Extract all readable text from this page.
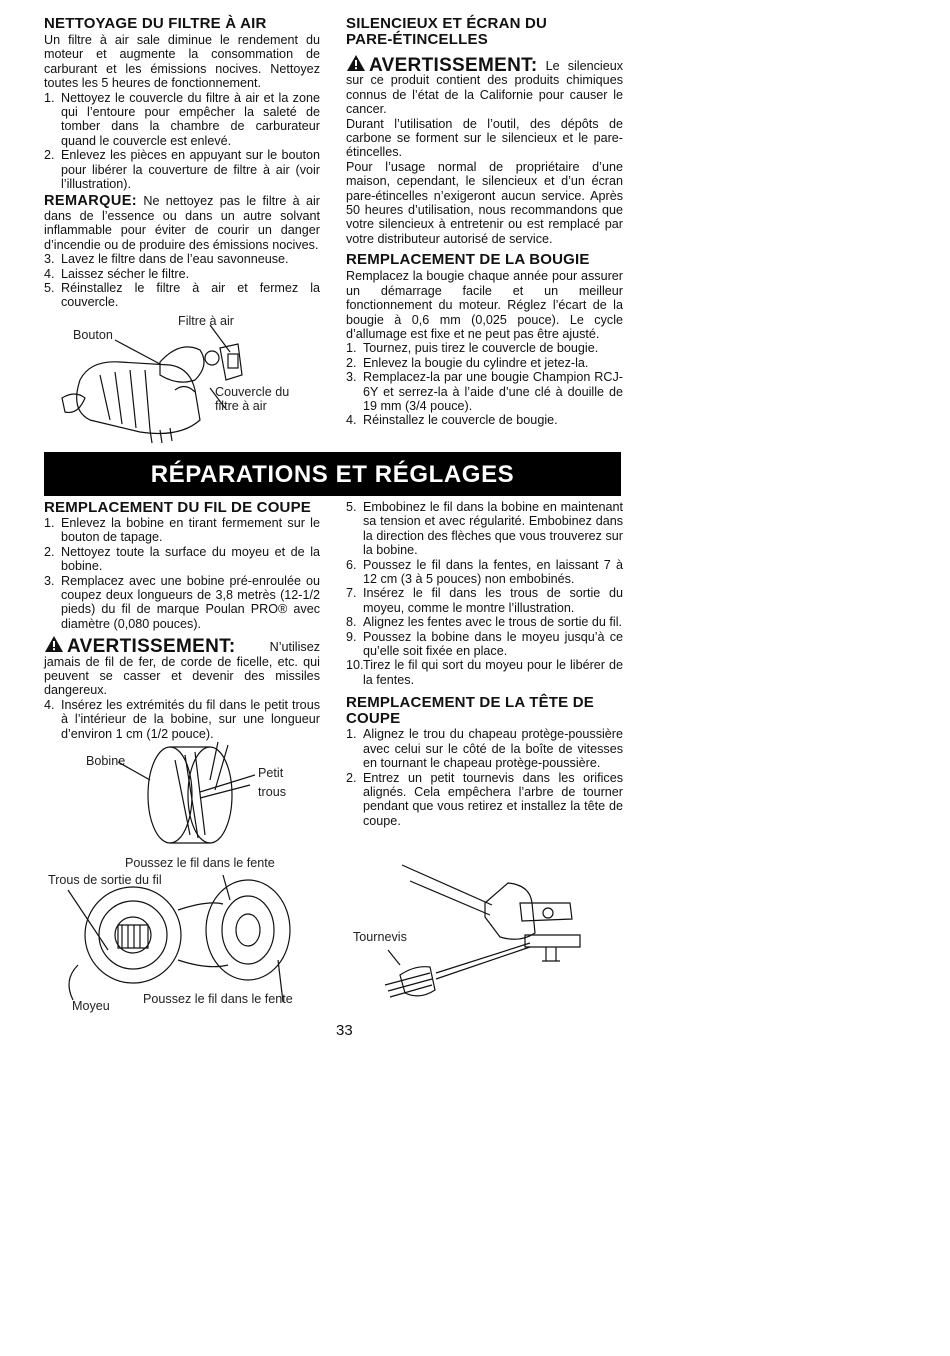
NETTOYAGE DU FILTRE À AIR

Un filtre à air sale diminue le rendement du moteur et augmente la consommation de carburant et les émissions nocives. Nettoyez toutes les 5 heures de fonctionnement.

1. Nettoyez le couvercle du filtre à air et la zone qui l’entoure pour empêcher la saleté de tomber dans la chambre de carburateur quand le couvercle est enlevé.
2. Enlevez les pièces en appuyant sur le bouton pour libérer la couverture de filtre à air (voir l’illustration).

REMARQUE: Ne nettoyez pas le filtre à air dans de l’essence ou dans un autre solvant inflammable pour éviter de courir un danger d’incendie ou de produire des émissions nocives.

3. Lavez le filtre dans de l’eau savonneuse.
4. Laissez sécher le filtre.
5. Réinstallez le filtre à air et fermez la couvercle.
Filtre à air
Bouton
Couvercle du filtre à air
SILENCIEUX ET ÉCRAN DU PARE-ÉTINCELLES

AVERTISSEMENT: Le silencieux sur ce produit contient des produits chimiques connus de l’état de la Californie pour causer le cancer.

Durant l’utilisation de l’outil, des dépôts de carbone se forment sur le silencieux et le pare-étincelles.

Pour l’usage normal de propriétaire d’une maison, cependant, le silencieux et d’un écran pare-étincelles n’exigeront aucun service. Après 50 heures d’utilisation, nous recommandons que votre silencieux à entretenir ou est remplacé par votre distributeur autorisé de service.

REMPLACEMENT DE LA BOUGIE

Remplacez la bougie chaque année pour assurer un démarrage facile et un meilleur fonctionnement du moteur. Réglez l’écart de la bougie à 0,6 mm (0,025 pouce). Le cycle d’allumage est fixe et ne peut pas être ajusté.

1. Tournez, puis tirez le couvercle de bougie.
2. Enlevez la bougie du cylindre et jetez-la.
3. Remplacez-la par une bougie Champion RCJ-6Y et serrez-la à l’aide d’une clé à douille de 19 mm (3/4 pouce).
4. Réinstallez le couvercle de bougie.
RÉPARATIONS ET RÉGLAGES
REMPLACEMENT DU FIL DE COUPE
1. Enlevez la bobine en tirant fermement sur le bouton de tapage.
2. Nettoyez toute la surface du moyeu et de la bobine.
3. Remplacez avec une bobine pré-enroulée ou coupez deux longueurs de 3,8 metrès (12-1/2 pieds) du fil de marque Poulan PRO® avec diamètre (0,080 pouces).

AVERTISSEMENT:	N’utilisez jamais de fil de fer, de corde de ficelle, etc. qui peuvent se casser et devenir des missiles dangereux.

4. Insérez les extrémités du fil dans le petit trous à l’intérieur de la bobine, sur une longueur d’environ 1 cm (1/2 pouce).
Bobine
Petit
trous
Poussez le fil dans le fente
Trous de sortie du fil
Moyeu	Poussez le fil dans le fente
5. Embobinez le fil dans la bobine en maintenant sa tension et avec régularité. Embobinez dans la direction des flèches que vous trouverez sur la bobine.
6. Poussez le fil dans la fentes, en laissant 7 à 12 cm (3 à 5 pouces) non embobinés.
7. Insérez le fil dans les trous de sortie du moyeu, comme le montre l’illustration.
8. Alignez les fentes avec le trous de sortie du fil.
9. Poussez la bobine dans le moyeu jusqu’à ce qu’elle soit fixée en place.
10. Tirez le fil qui sort du moyeu pour le libérer de la fentes.
REMPLACEMENT DE LA TÊTE DE COUPE
1. Alignez le trou du chapeau protège-poussière avec celui sur le côté de la boîte de vitesses en tournant le chapeau protège-poussière.
2. Entrez un petit tournevis dans les orifices alignés. Cela empêchera l’arbre de tourner pendant que vous retirez et installez la tête de coupe.
Tournevis
33
